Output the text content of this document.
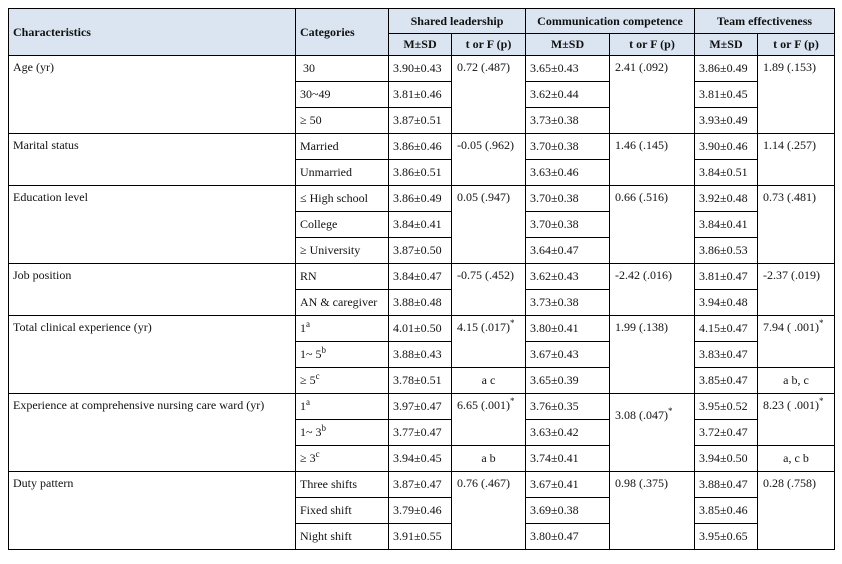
Characteristics	Categories	Shared leadership		Communication competence		Team effectiveness	
		M±SD	t or F (p)	M±SD	t or F (p)	M±SD	t or F (p)
Age (yr)	30	3.90±0.43	0.72 (.487)	3.65±0.43	2.41 (.092)	3.86±0.49	1.89 (.153)
	30~49	3.81±0.46		3.62±0.44		3.81±0.45	
	≥ 50	3.87±0.51		3.73±0.38		3.93±0.49	
Marital status	Married	3.86±0.46	-0.05 (.962)	3.70±0.38	1.46 (.145)	3.90±0.46	1.14 (.257)
	Unmarried	3.86±0.51		3.63±0.46		3.84±0.51	
Education level	≤ High school	3.86±0.49	0.05 (.947)	3.70±0.38	0.66 (.516)	3.92±0.48	0.73 (.481)
	College	3.84±0.41		3.70±0.38		3.84±0.41	
	≥ University	3.87±0.50		3.64±0.47		3.86±0.53	
Job position	RN	3.84±0.47	-0.75 (.452)	3.62±0.43	-2.42 (.016)	3.81±0.47	-2.37 (.019)
	AN & caregiver	3.88±0.48		3.73±0.38		3.94±0.48	
Total clinical experience (yr)	1$^a$	4.01±0.50	4.15 (.017)*	3.80±0.41	1.99 (.138)	4.15±0.47	7.94 ( .001)*
	1~ 5$^b$	3.88±0.43		3.67±0.43		3.83±0.47	
	≥ $5^c$	3.78±0.51	a c	3.65±0.39		3.85±0.47	a b, c
Experience at comprehensive nursing care ward (yr)	1$^a$	3.97±0.47	6.65 (.001)*	3.76±0.35	3.08 (.047)*	3.95±0.52	8.23 ( .001)*
	1~ 3$^b$	3.77±0.47		3.63±0.42		3.72±0.47	
	≥ $3^c$	3.94±0.45	a b	3.74±0.41		3.94±0.50	a, c b
Duty pattern	Three shifts	3.87±0.47	0.76 (.467)	3.67±0.41	0.98 (.375)	3.88±0.47	0.28 (.758)
	Fixed shift	3.79±0.46		3.69±0.38		3.85±0.46	
	Night shift	3.91±0.55		3.80±0.47		3.95±0.65	
